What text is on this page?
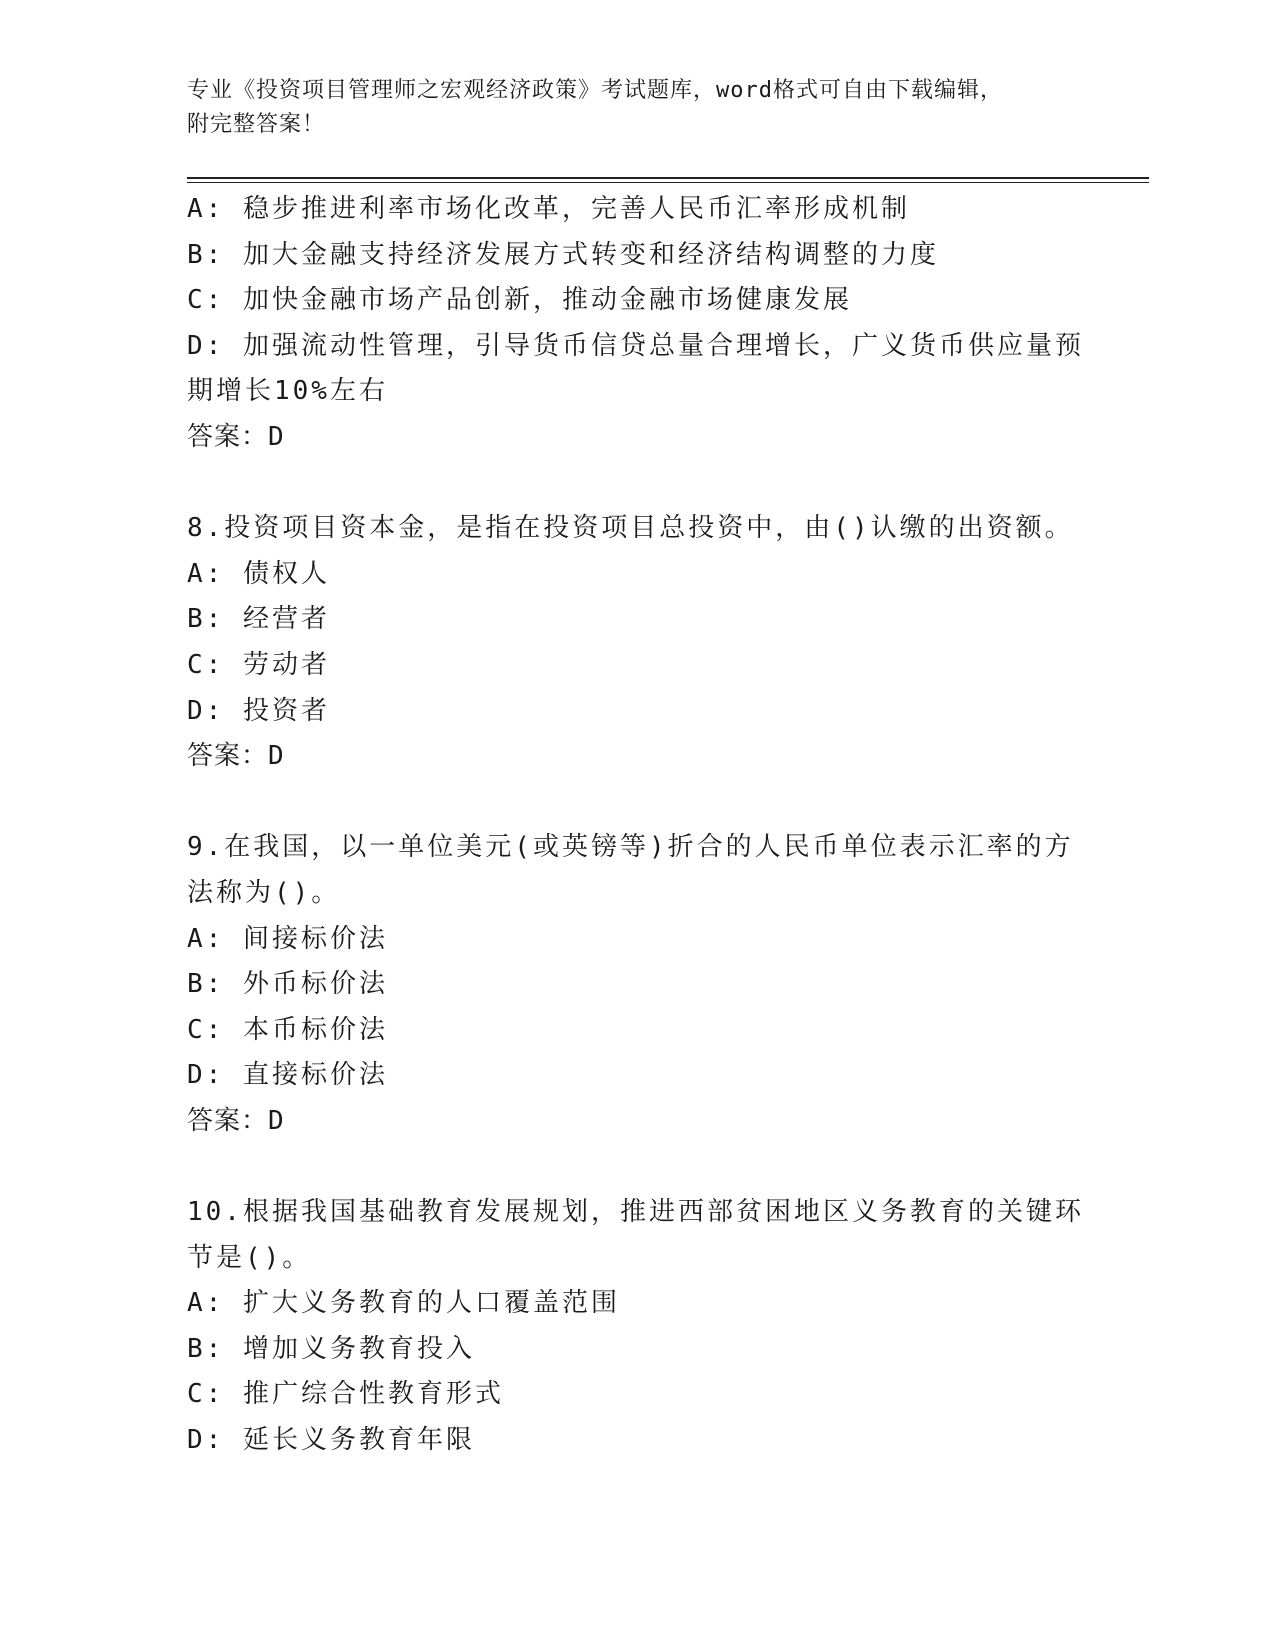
专业《投资项目管理师之宏观经济政策》考试题库，word格式可自由下载编辑，
附完整答案！

A: 稳步推进利率市场化改革，完善人民币汇率形成机制

B: 加大金融支持经济发展方式转变和经济结构调整的力度

C: 加快金融市场产品创新，推动金融市场健康发展

D: 加强流动性管理，引导货币信贷总量合理增长，广义货币供应量预期增长10%左右

答案：D

8.投资项目资本金，是指在投资项目总投资中，由()认缴的出资额。

A: 债权人

B: 经营者

C: 劳动者

D: 投资者

答案：D

9.在我国，以一单位美元(或英镑等)折合的人民币单位表示汇率的方法称为()。

A: 间接标价法

B: 外币标价法

C: 本币标价法

D: 直接标价法

答案：D

10.根据我国基础教育发展规划，推进西部贫困地区义务教育的关键环节是()。

A: 扩大义务教育的人口覆盖范围

B: 增加义务教育投入

C: 推广综合性教育形式

D: 延长义务教育年限
